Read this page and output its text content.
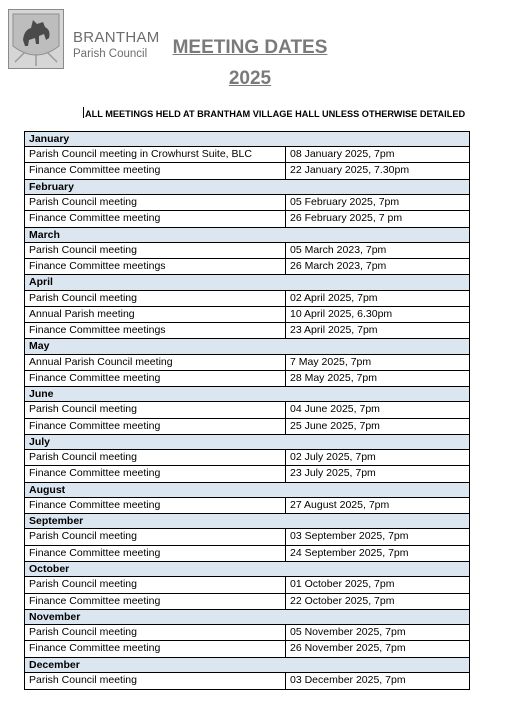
BRANTHAM
Parish Council	MEETING DATES
2025
ALL MEETINGS HELD AT BRANTHAM VILLAGE HALL UNLESS OTHERWISE DETAILED
January
Parish Council meeting in Crowhurst Suite, BLC	08 January 2025, 7pm
Finance Committee meeting	22 January 2025, 7.30pm
February
Parish Council meeting	05 February 2025, 7pm
Finance Committee meeting	26 February 2025, 7 pm
March
Parish Council meeting	05 March 2023, 7pm
Finance Committee meetings	26 March 2023, 7pm
April
Parish Council meeting	02 April 2025, 7pm
Annual Parish meeting	10 April 2025, 6.30pm
Finance Committee meetings	23 April 2025, 7pm
May
Annual Parish Council meeting	7 May 2025, 7pm
Finance Committee meeting	28 May 2025, 7pm
June
Parish Council meeting	04 June 2025, 7pm
Finance Committee meeting	25 June 2025, 7pm
July
Parish Council meeting	02 July 2025, 7pm
Finance Committee meeting	23 July 2025, 7pm
August
Finance Committee meeting	27 August 2025, 7pm
September
Parish Council meeting	03 September 2025, 7pm
Finance Committee meeting	24 September 2025, 7pm
October
Parish Council meeting	01 October 2025, 7pm
Finance Committee meeting	22 October 2025, 7pm
November
Parish Council meeting	05 November 2025, 7pm
Finance Committee meeting	26 November 2025, 7pm
December
Parish Council meeting	03 December 2025, 7pm
